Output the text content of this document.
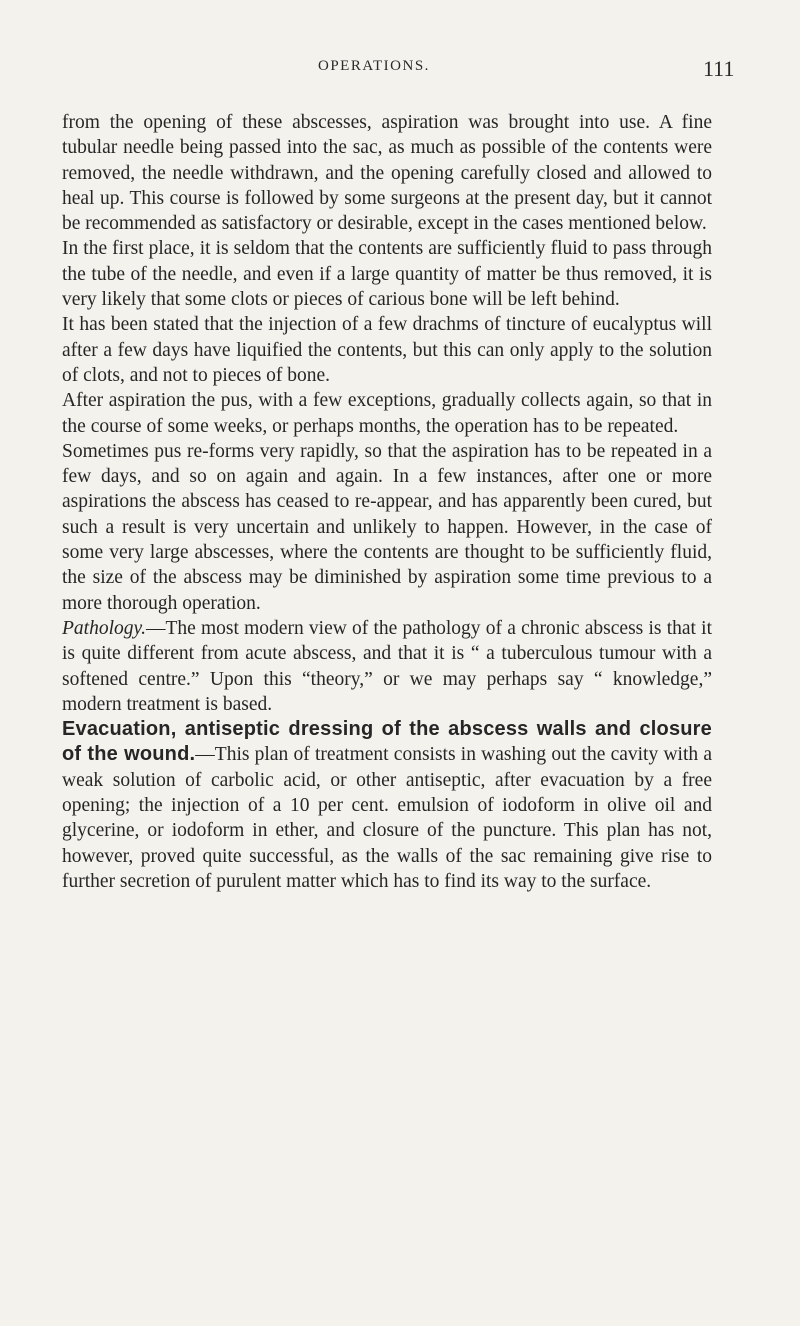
OPERATIONS.	111

from the opening of these abscesses, aspiration was brought into use. A fine tubular needle being passed into the sac, as much as possible of the contents were removed, the needle withdrawn, and the opening carefully closed and allowed to heal up. This course is followed by some surgeons at the present day, but it cannot be recommended as satisfactory or desirable, except in the cases mentioned below.

In the first place, it is seldom that the contents are sufficiently fluid to pass through the tube of the needle, and even if a large quantity of matter be thus removed, it is very likely that some clots or pieces of carious bone will be left behind.

It has been stated that the injection of a few drachms of tincture of eucalyptus will after a few days have liquified the contents, but this can only apply to the solution of clots, and not to pieces of bone.

After aspiration the pus, with a few exceptions, gradually collects again, so that in the course of some weeks, or perhaps months, the operation has to be repeated.

Sometimes pus re-forms very rapidly, so that the aspiration has to be repeated in a few days, and so on again and again. In a few instances, after one or more aspirations the abscess has ceased to re-appear, and has apparently been cured, but such a result is very uncertain and unlikely to happen. However, in the case of some very large abscesses, where the contents are thought to be sufficiently fluid, the size of the abscess may be diminished by aspiration some time previous to a more thorough operation.

Pathology.—The most modern view of the pathology of a chronic abscess is that it is quite different from acute abscess, and that it is “ a tuberculous tumour with a softened centre.” Upon this “theory,” or we may perhaps say “ knowledge,” modern treatment is based.

Evacuation, antiseptic dressing of the abscess walls and closure of the wound.—This plan of treatment consists in washing out the cavity with a weak solution of carbolic acid, or other antiseptic, after evacuation by a free opening; the injection of a 10 per cent. emulsion of iodoform in olive oil and glycerine, or iodoform in ether, and closure of the puncture. This plan has not, however, proved quite successful, as the walls of the sac remaining give rise to further secretion of purulent matter which has to find its way to the surface.
